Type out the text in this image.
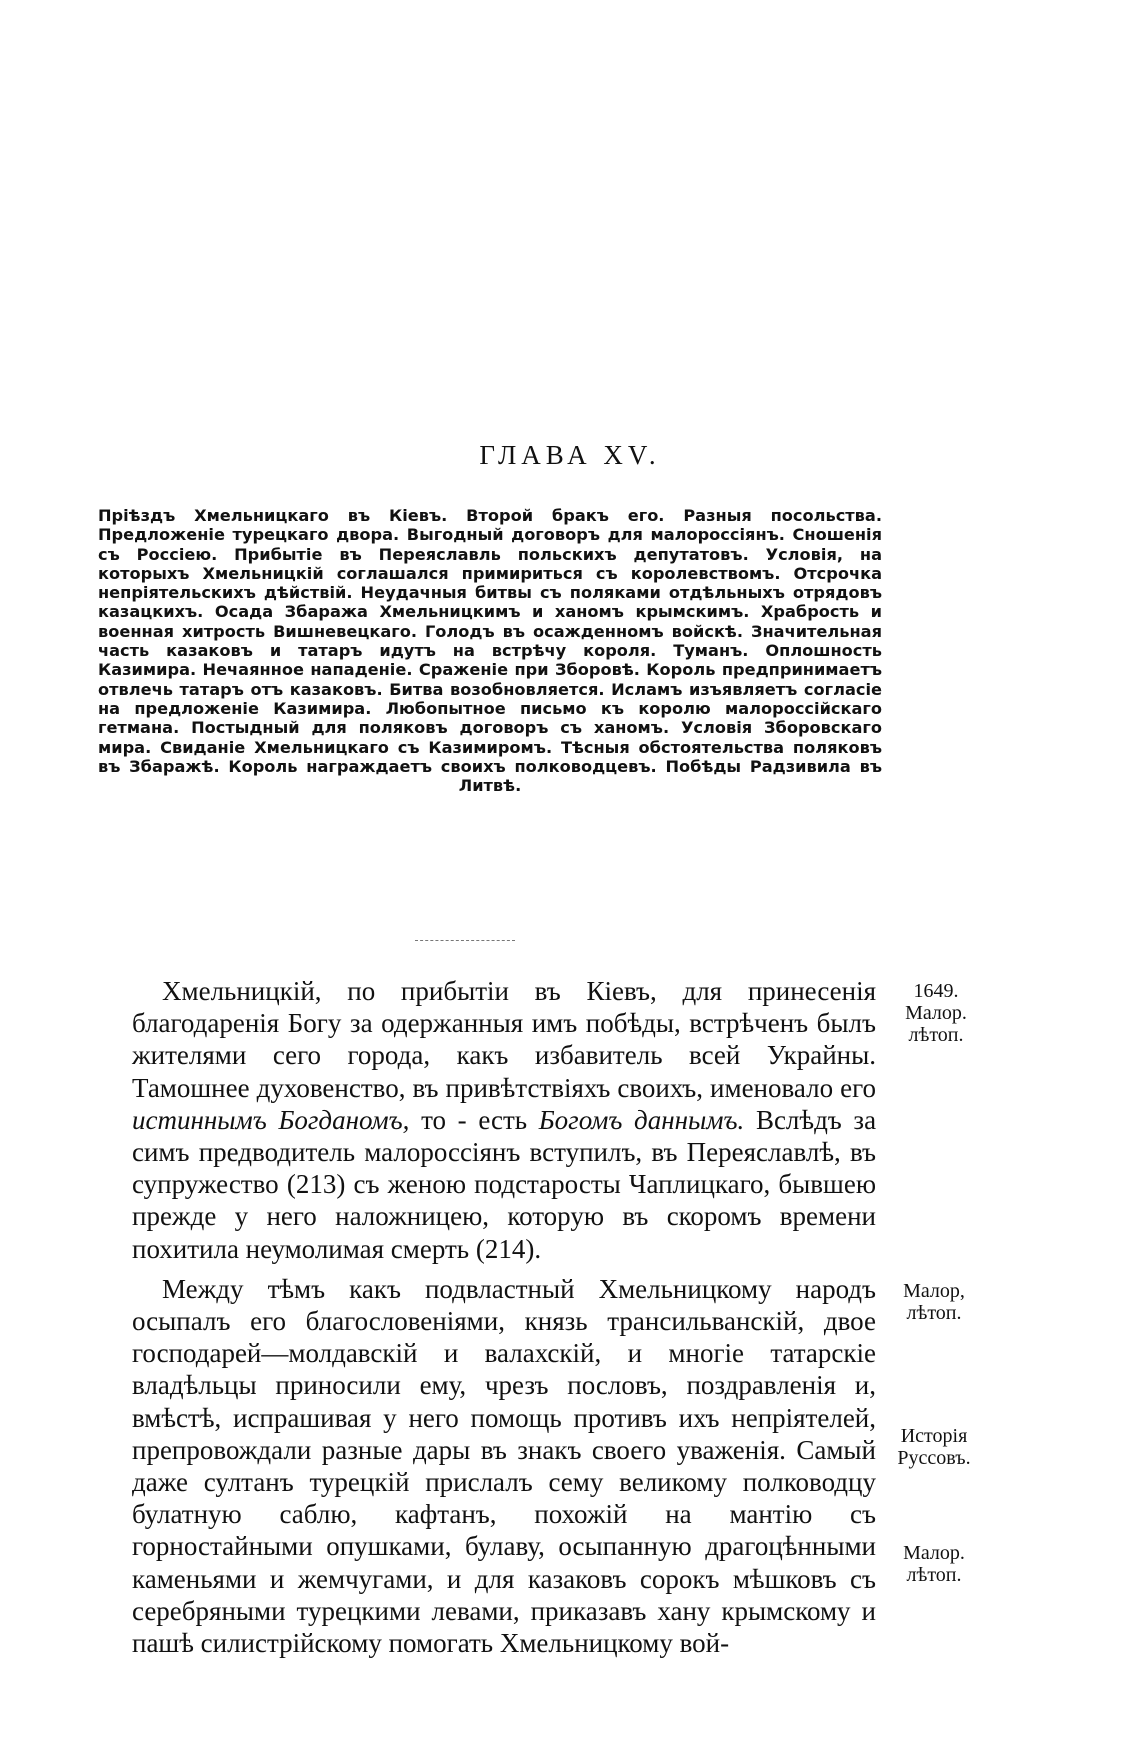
ГЛАВА XV.
Прiѣздъ Хмельницкаго въ Кiевъ. Второй бракъ его. Разныя посольства. Предложенiе турецкаго двора. Выгодный договоръ для малороссiянъ. Сношенiя съ Россiею. Прибытiе въ Переяславль польскихъ депутатовъ. Условiя, на которыхъ Хмельницкiй соглашался примириться съ королевствомъ. Отсрочка непрiятельскихъ дѣйствiй. Неудачныя битвы съ поляками отдѣльныхъ отрядовъ казацкихъ. Осада Збаража Хмельницкимъ и ханомъ крымскимъ. Храбрость и военная хитрость Вишневецкаго. Голодъ въ осажденномъ войскѣ. Значительная часть казаковъ и татаръ идутъ на встрѣчу короля. Туманъ. Оплошность Казимира. Нечаянное нападенiе. Сраженiе при Зборовѣ. Король предпринимаетъ отвлечь татаръ отъ казаковъ. Битва возобновляется. Исламъ изъявляетъ согласiе на предложенiе Казимира. Любопытное письмо къ королю малороссiйскаго гетмана. Постыдный для поляковъ договоръ съ ханомъ. Условiя Зборовскаго мира. Свиданiе Хмельницкаго съ Казимиромъ. Тѣсныя обстоятельства поляковъ въ Збаражѣ. Король награждаетъ своихъ полководцевъ. Побѣды Радзивила въ Литвѣ.

Хмельницкiй, по прибытiи въ Кiевъ, для принесенiя благодаренiя Богу за одержанныя имъ побѣды, встрѣченъ былъ жителями сего города, какъ избавитель всей Украйны. Тамошнее духовенство, въ привѣтствiяхъ своихъ, именовало его истиннымъ Богданомъ, то - есть Богомъ даннымъ. Вслѣдъ за симъ предводитель малороссiянъ вступилъ, въ Переяславлѣ, въ супружество (213) съ женою подстаросты Чаплицкаго, бывшею прежде у него наложницею, которую въ скоромъ времени похитила неумолимая смерть (214).

Между тѣмъ какъ подвластный Хмельницкому народъ осыпалъ его благословенiями, князь трансильванскiй, двое господарей—молдавскiй и валахскiй, и многiе татарскiе владѣльцы приносили ему, чрезъ пословъ, поздравленiя и, вмѣстѣ, испрашивая у него помощь противъ ихъ непрiятелей, препровождали разные дары въ знакъ своего уваженiя. Самый даже султанъ турецкiй прислалъ сему великому полководцу булатную саблю, кафтанъ, похожiй на мантiю съ горностайными опушками, булаву, осыпанную драгоцѣнными каменьями и жемчугами, и для казаковъ сорокъ мѣшковъ съ серебряными турецкими левами, приказавъ хану крымскому и пашѣ силистрiйскому помогать Хмельницкому вой-

1649.
Малор.
лѣтоп.
Малор,
лѣтоп.
Исторiя
Руссовъ.
Малор.
лѣтоп.
